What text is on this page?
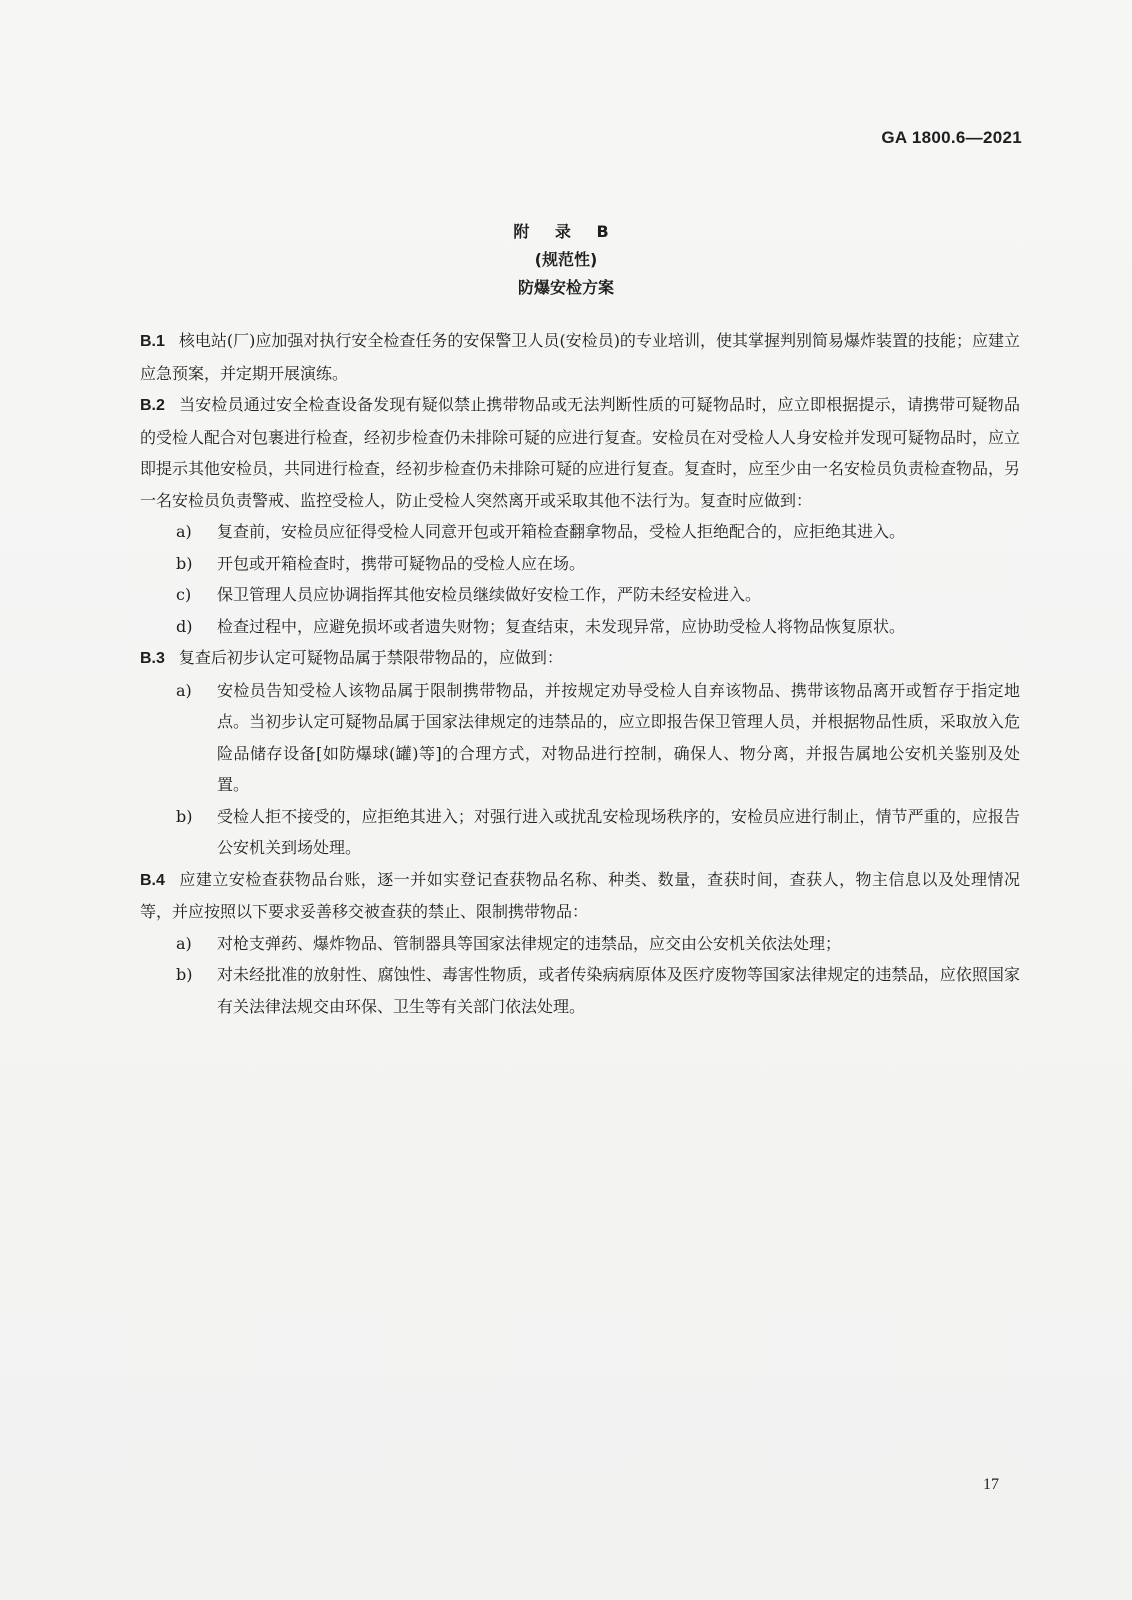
GA 1800.6—2021
附 录 B
(规范性)
防爆安检方案
B.1 核电站(厂)应加强对执行安全检查任务的安保警卫人员(安检员)的专业培训，使其掌握判别简易爆炸装置的技能；应建立应急预案，并定期开展演练。
B.2 当安检员通过安全检查设备发现有疑似禁止携带物品或无法判断性质的可疑物品时，应立即根据提示，请携带可疑物品的受检人配合对包裹进行检查，经初步检查仍未排除可疑的应进行复查。安检员在对受检人人身安检并发现可疑物品时，应立即提示其他安检员，共同进行检查，经初步检查仍未排除可疑的应进行复查。复查时，应至少由一名安检员负责检查物品，另一名安检员负责警戒、监控受检人，防止受检人突然离开或采取其他不法行为。复查时应做到：
a)	复查前，安检员应征得受检人同意开包或开箱检查翻拿物品，受检人拒绝配合的，应拒绝其进入。
b)	开包或开箱检查时，携带可疑物品的受检人应在场。
c)	保卫管理人员应协调指挥其他安检员继续做好安检工作，严防未经安检进入。
d)	检查过程中，应避免损坏或者遗失财物；复查结束，未发现异常，应协助受检人将物品恢复原状。
B.3 复查后初步认定可疑物品属于禁限带物品的，应做到：
a)	安检员告知受检人该物品属于限制携带物品，并按规定劝导受检人自弃该物品、携带该物品离开或暂存于指定地点。当初步认定可疑物品属于国家法律规定的违禁品的，应立即报告保卫管理人员，并根据物品性质，采取放入危险品储存设备[如防爆球(罐)等]的合理方式，对物品进行控制，确保人、物分离，并报告属地公安机关鉴别及处置。
b)	受检人拒不接受的，应拒绝其进入；对强行进入或扰乱安检现场秩序的，安检员应进行制止，情节严重的，应报告公安机关到场处理。
B.4 应建立安检查获物品台账，逐一并如实登记查获物品名称、种类、数量，查获时间，查获人，物主信息以及处理情况等，并应按照以下要求妥善移交被查获的禁止、限制携带物品：
a)	对枪支弹药、爆炸物品、管制器具等国家法律规定的违禁品，应交由公安机关依法处理；
b)	对未经批准的放射性、腐蚀性、毒害性物质，或者传染病病原体及医疗废物等国家法律规定的违禁品，应依照国家有关法律法规交由环保、卫生等有关部门依法处理。
17
